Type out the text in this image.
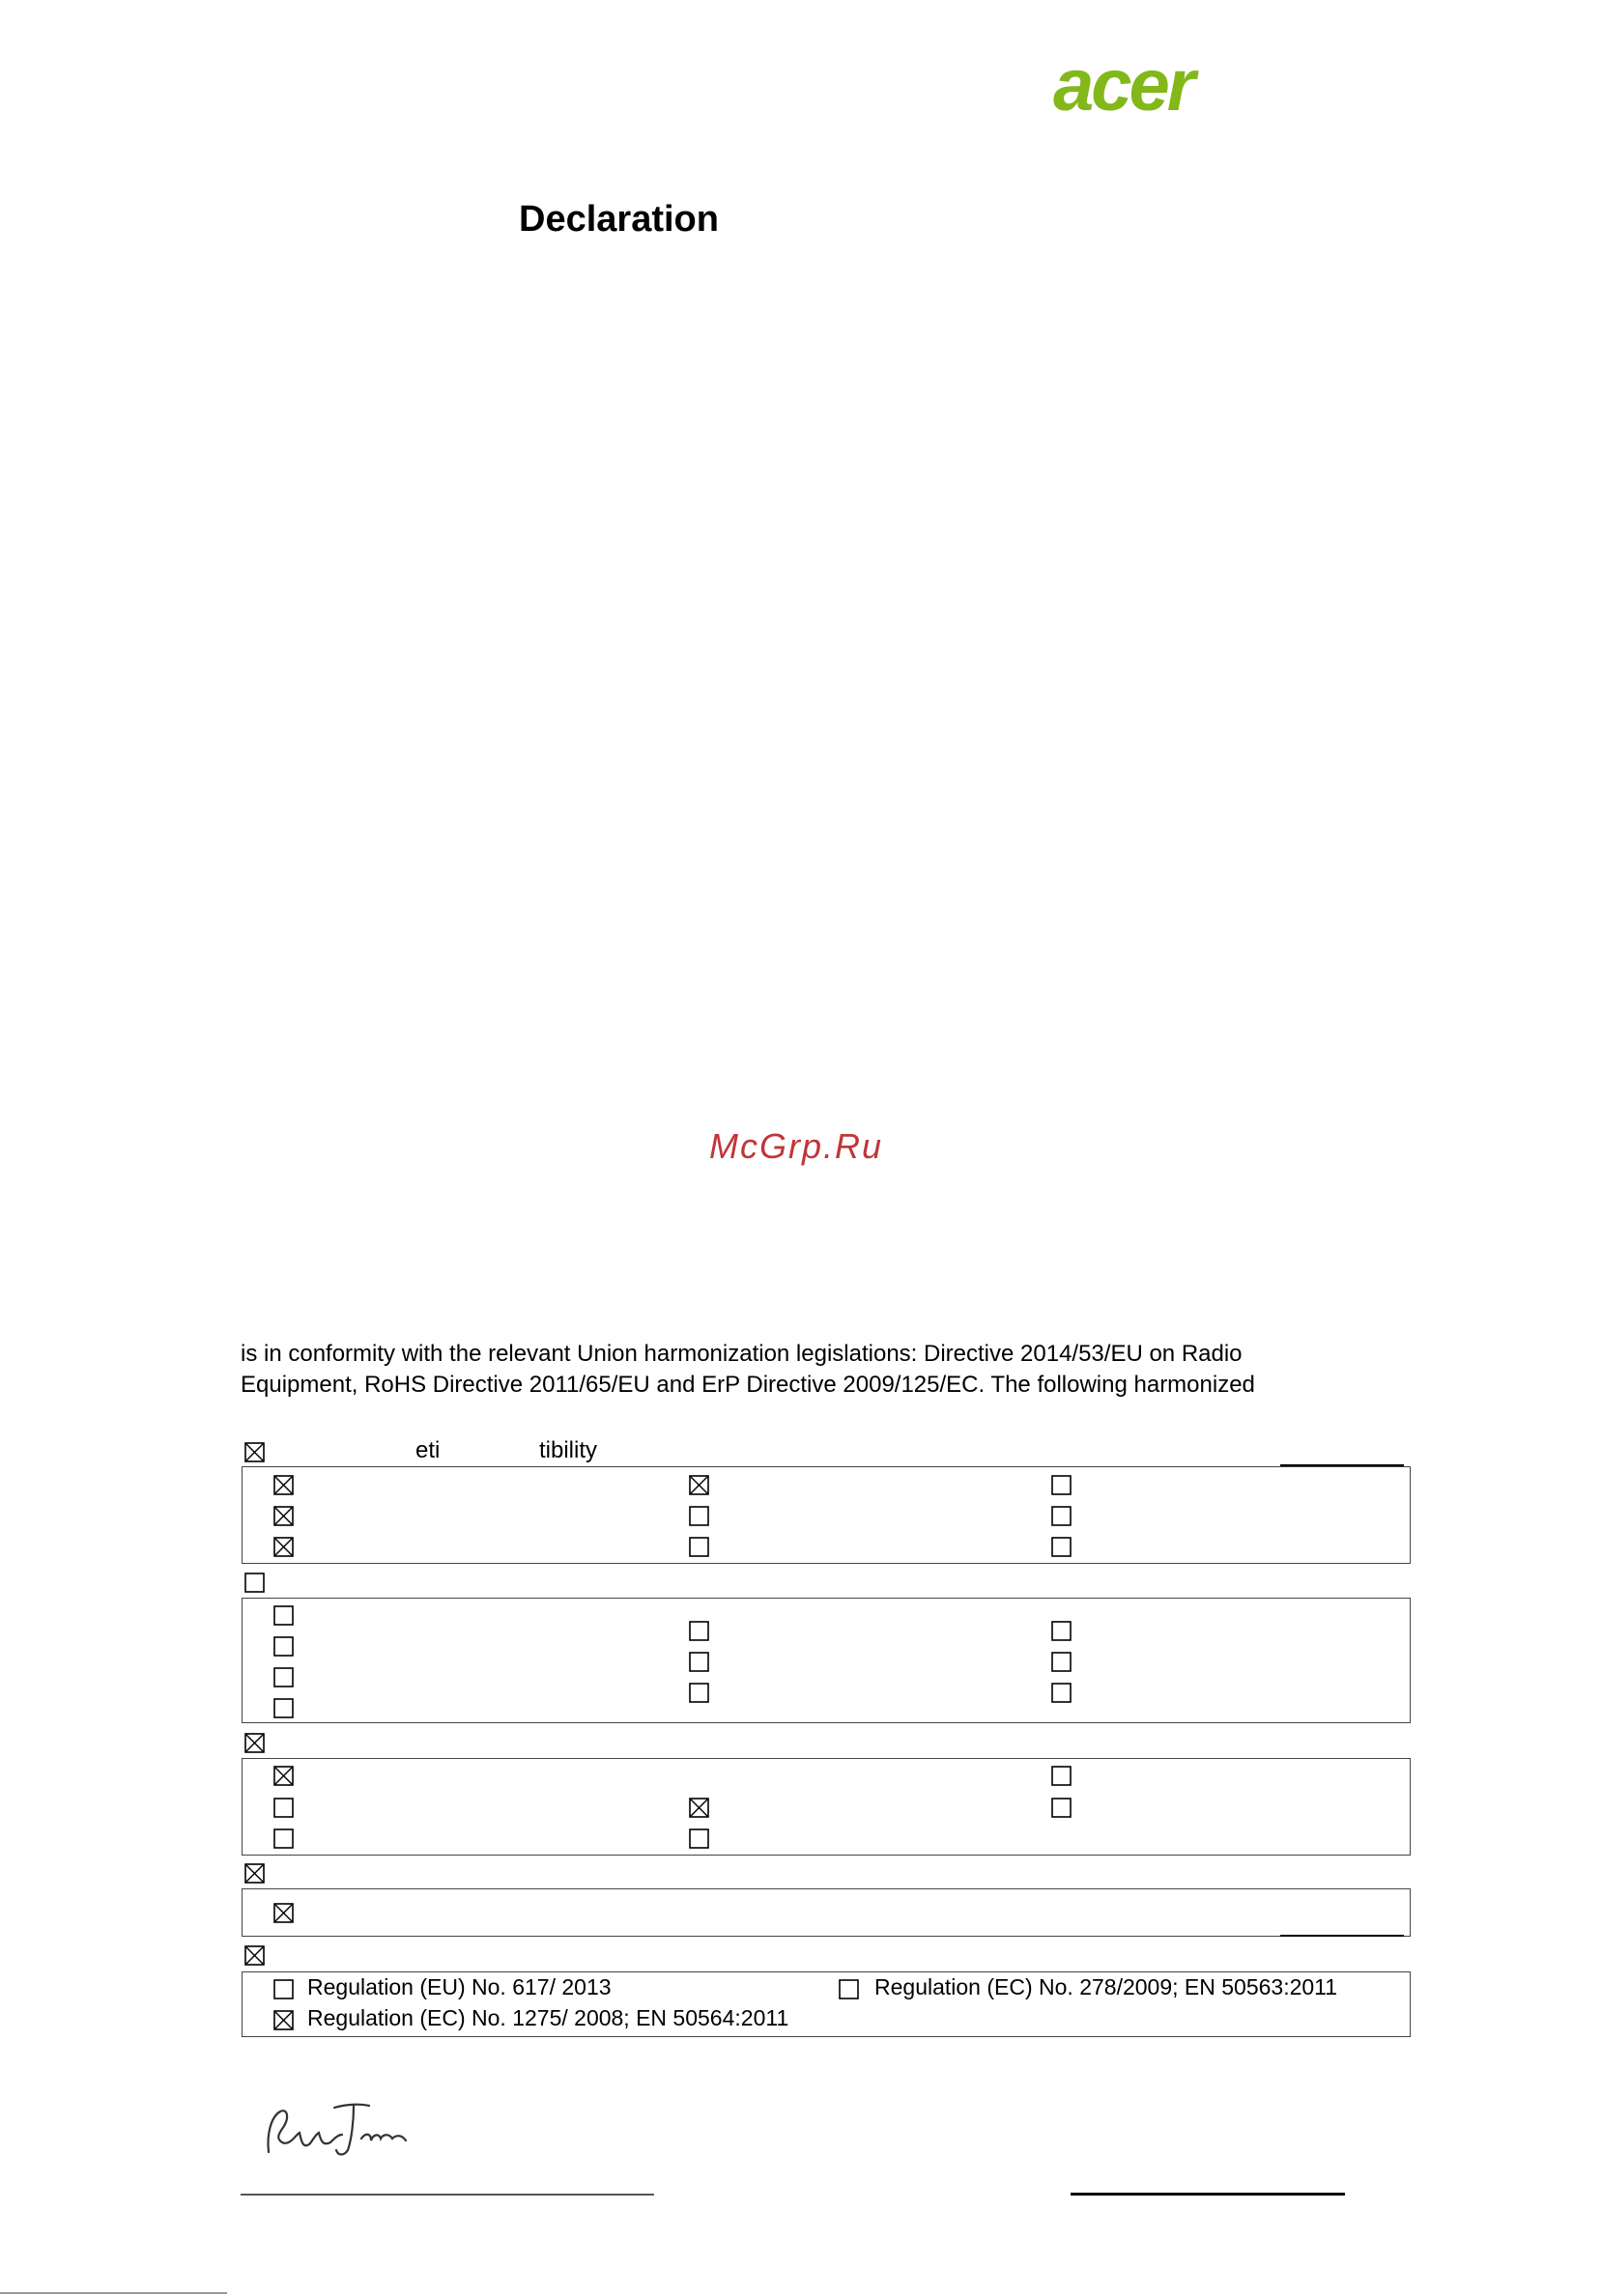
acer
Declaration
McGrp.Ru
is in conformity with the relevant Union harmonization legislations: Directive 2014/53/EU on Radio
Equipment, RoHS Directive 2011/65/EU and ErP Directive 2009/125/EC. The following harmonized
eti	tibility
Regulation (EU) No. 617/ 2013	Regulation (EC) No. 278/2009; EN 50563:2011
Regulation (EC) No. 1275/ 2008; EN 50564:2011
